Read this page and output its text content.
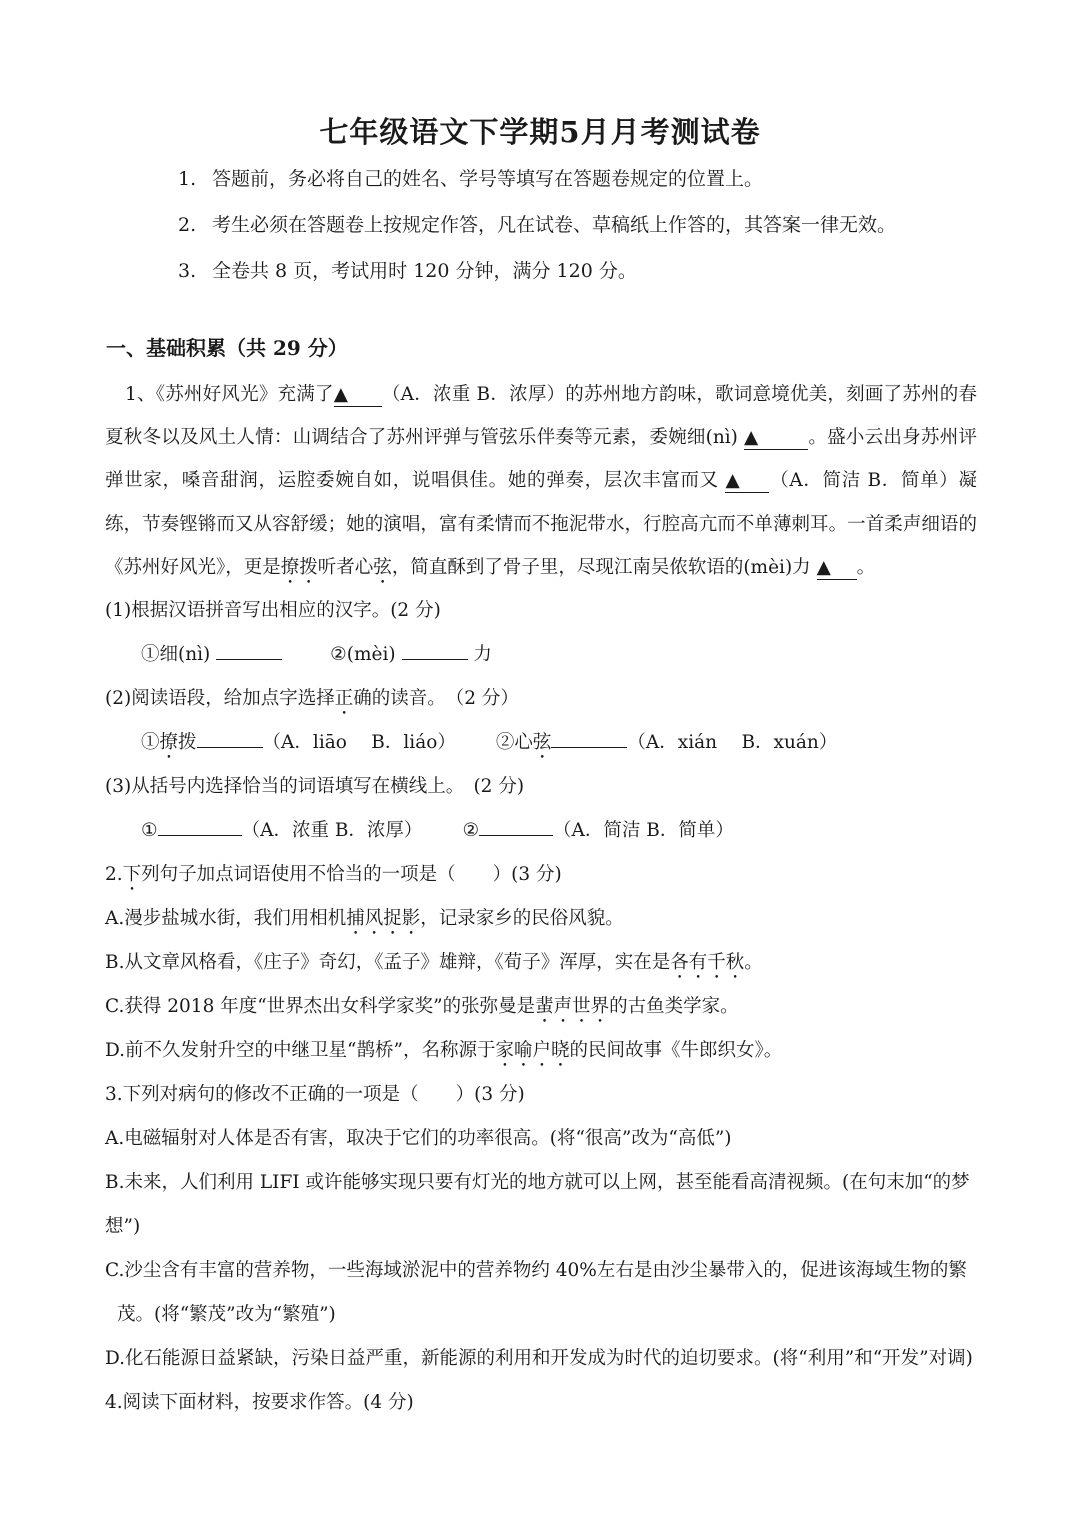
七年级语文下学期5月月考测试卷
1. 答题前，务必将自己的姓名、学号等填写在答题卷规定的位置上。
2. 考生必须在答题卷上按规定作答，凡在试卷、草稿纸上作答的，其答案一律无效。
3. 全卷共 8 页，考试用时 120 分钟，满分 120 分。
一、基础积累（共 29 分）

1、《苏州好风光》充满了▲ （A．浓重 B．浓厚）的苏州地方韵味，歌词意境优美，刻画了苏州的春夏秋冬以及风土人情：山调结合了苏州评弹与管弦乐伴奏等元素，委婉细(nì) ▲	。盛小云出身苏州评弹世家，嗓音甜润，运腔委婉自如，说唱俱佳。她的弹奏，层次丰富而又 ▲ （A．简洁 B．简单）凝练，节奏铿锵而又从容舒缓；她的演唱，富有柔情而不拖泥带水，行腔高亢而不单薄刺耳。一首柔声细语的《苏州好风光》，更是撩拨听者心弦，简直酥到了骨子里，尽现江南吴侬软语的(mèi)力 ▲ 。

(1)根据汉语拼音写出相应的汉字。(2 分)
①细(nì)	②(mèi)	力
(2)阅读语段，给加点字选择正确的读音。　（2 分）
①撩拨	（A．liāo　 B．liáo） ②心弦	（A．xián　 B．xuán）
(3)从括号内选择恰当的词语填写在横线上。　(2 分)
①	（A．浓重 B．浓厚） ②	（A．简洁 B．简单）
2.下列句子加点词语使用不恰当的一项是（　　）(3 分)
A.漫步盐城水街，我们用相机捕风捉影，记录家乡的民俗风貌。
B.从文章风格看，《庄子》奇幻，《孟子》雄辩，《荀子》浑厚，实在是各有千秋。
C.获得 2018 年度“世界杰出女科学家奖”的张弥曼是蜚声世界的古鱼类学家。
D.前不久发射升空的中继卫星“鹊桥”，名称源于家喻户晓的民间故事《牛郎织女》。
3.下列对病句的修改不正确的一项是（　　）(3 分)
A.电磁辐射对人体是否有害，取决于它们的功率很高。(将“很高”改为“高低”)
B.未来，人们利用 LIFI 或许能够实现只要有灯光的地方就可以上网，甚至能看高清视频。(在句末加“的梦
想”)
C.沙尘含有丰富的营养物，一些海域淤泥中的营养物约 40%左右是由沙尘暴带入的，促进该海域生物的繁
茂。(将“繁茂”改为“繁殖”)
D.化石能源日益紧缺，污染日益严重，新能源的利用和开发成为时代的迫切要求。(将“利用”和“开发”对调)
4.阅读下面材料，按要求作答。(4 分)
